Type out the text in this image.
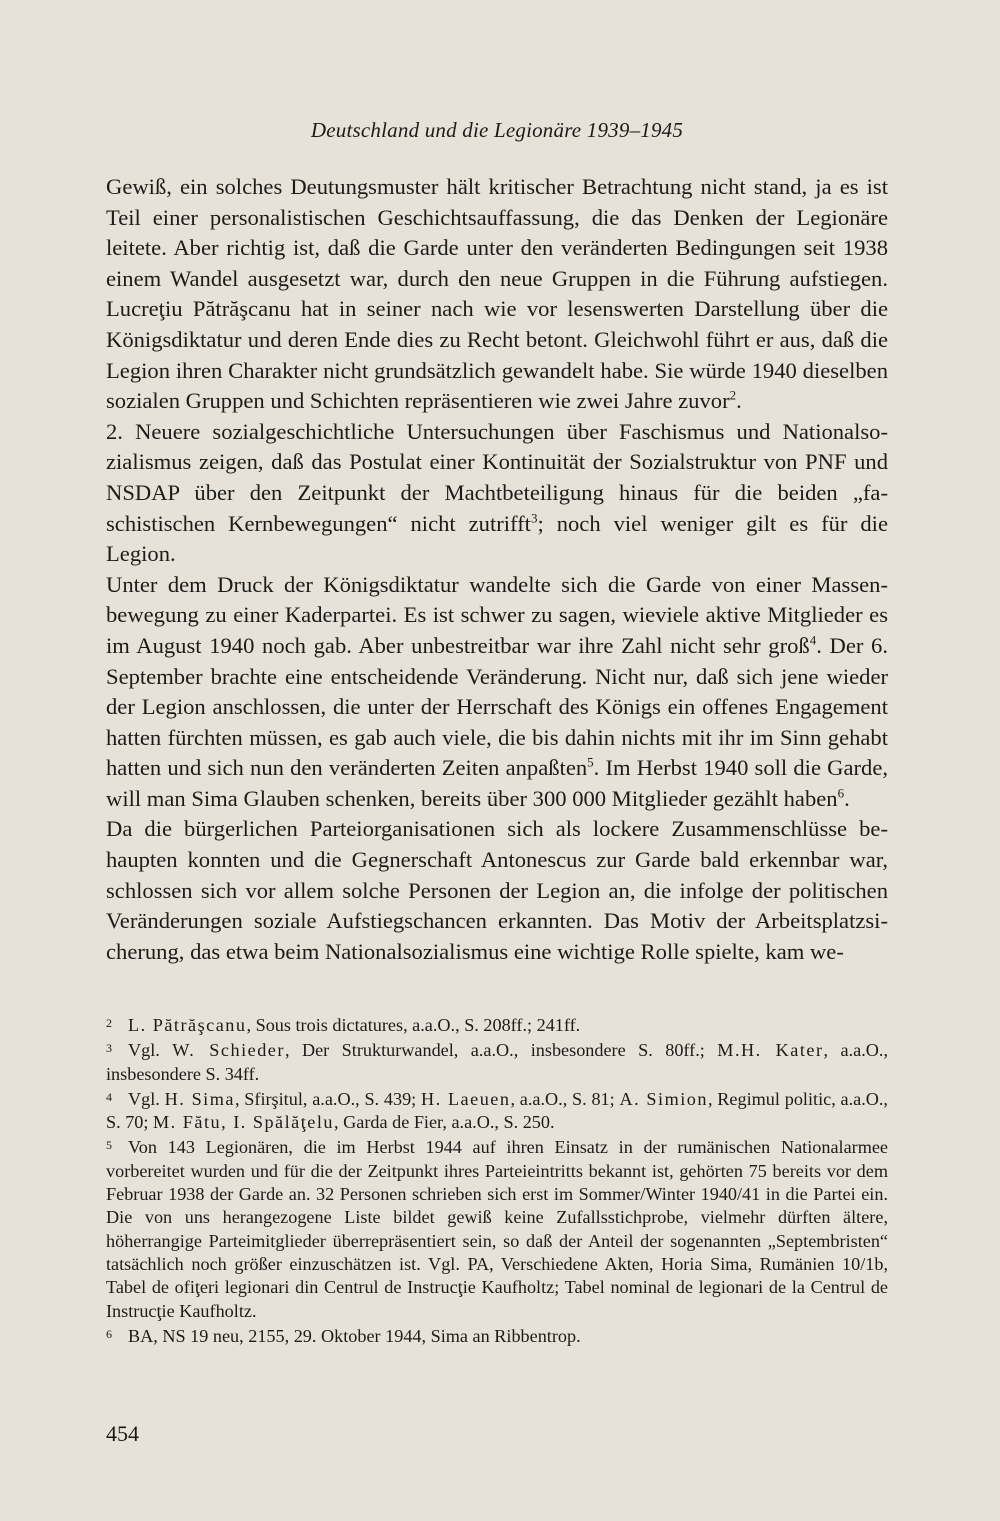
Deutschland und die Legionäre 1939–1945

Gewiß, ein solches Deutungsmuster hält kritischer Betrachtung nicht stand, ja es ist Teil einer personalistischen Geschichtsauffassung, die das Denken der Legionäre leitete. Aber richtig ist, daß die Garde unter den veränderten Bedingungen seit 1938 einem Wandel ausgesetzt war, durch den neue Gruppen in die Führung aufstiegen. Lucreţiu Pătrăşcanu hat in seiner nach wie vor lesenswerten Darstellung über die Königsdiktatur und deren Ende dies zu Recht betont. Gleichwohl führt er aus, daß die Legion ihren Charakter nicht grundsätzlich gewandelt habe. Sie würde 1940 dieselben sozialen Gruppen und Schichten repräsentieren wie zwei Jahre zuvor$^2$.

2. Neuere sozialgeschichtliche Untersuchungen über Faschismus und Nationalsozialismus zeigen, daß das Postulat einer Kontinuität der Sozialstruktur von PNF und NSDAP über den Zeitpunkt der Machtbeteiligung hinaus für die beiden „faschistischen Kernbewegungen“ nicht zutrifft$^3$; noch viel weniger gilt es für die Legion.

Unter dem Druck der Königsdiktatur wandelte sich die Garde von einer Massenbewegung zu einer Kaderpartei. Es ist schwer zu sagen, wieviele aktive Mitglieder es im August 1940 noch gab. Aber unbestreitbar war ihre Zahl nicht sehr groß$^4$. Der 6. September brachte eine entscheidende Veränderung. Nicht nur, daß sich jene wieder der Legion anschlossen, die unter der Herrschaft des Königs ein offenes Engagement hatten fürchten müssen, es gab auch viele, die bis dahin nichts mit ihr im Sinn gehabt hatten und sich nun den veränderten Zeiten anpaßten$^5$. Im Herbst 1940 soll die Garde, will man Sima Glauben schenken, bereits über 300 000 Mitglieder gezählt haben$^6$.

Da die bürgerlichen Parteiorganisationen sich als lockere Zusammenschlüsse behaupten konnten und die Gegnerschaft Antonescus zur Garde bald erkennbar war, schlossen sich vor allem solche Personen der Legion an, die infolge der politischen Veränderungen soziale Aufstiegschancen erkannten. Das Motiv der Arbeitsplatzsicherung, das etwa beim Nationalsozialismus eine wichtige Rolle spielte, kam we-

2 L. Pătrăşcanu, Sous trois dictatures, a.a.O., S. 208ff.; 241ff.
3 Vgl. W. Schieder, Der Strukturwandel, a.a.O., insbesondere S. 80ff.; M.H. Kater, a.a.O., insbesondere S. 34ff.
4 Vgl. H. Sima, Sfirşitul, a.a.O., S. 439; H. Laeuen, a.a.O., S. 81; A. Simion, Regimul politic, a.a.O., S. 70; M. Fătu, I. Spălăţelu, Garda de Fier, a.a.O., S. 250.
5 Von 143 Legionären, die im Herbst 1944 auf ihren Einsatz in der rumänischen Nationalarmee vorbereitet wurden und für die der Zeitpunkt ihres Parteieintritts bekannt ist, gehörten 75 bereits vor dem Februar 1938 der Garde an. 32 Personen schrieben sich erst im Sommer/Winter 1940/41 in die Partei ein. Die von uns herangezogene Liste bildet gewiß keine Zufallsstichprobe, vielmehr dürften ältere, höherrangige Parteimitglieder überrepräsentiert sein, so daß der Anteil der sogenannten „Septembristen“ tatsächlich noch größer einzuschätzen ist. Vgl. PA, Verschiedene Akten, Horia Sima, Rumänien 10/1b, Tabel de ofiţeri legionari din Centrul de Instrucţie Kaufholtz; Tabel nominal de legionari de la Centrul de Instrucţie Kaufholtz.
6 BA, NS 19 neu, 2155, 29. Oktober 1944, Sima an Ribbentrop.
454
